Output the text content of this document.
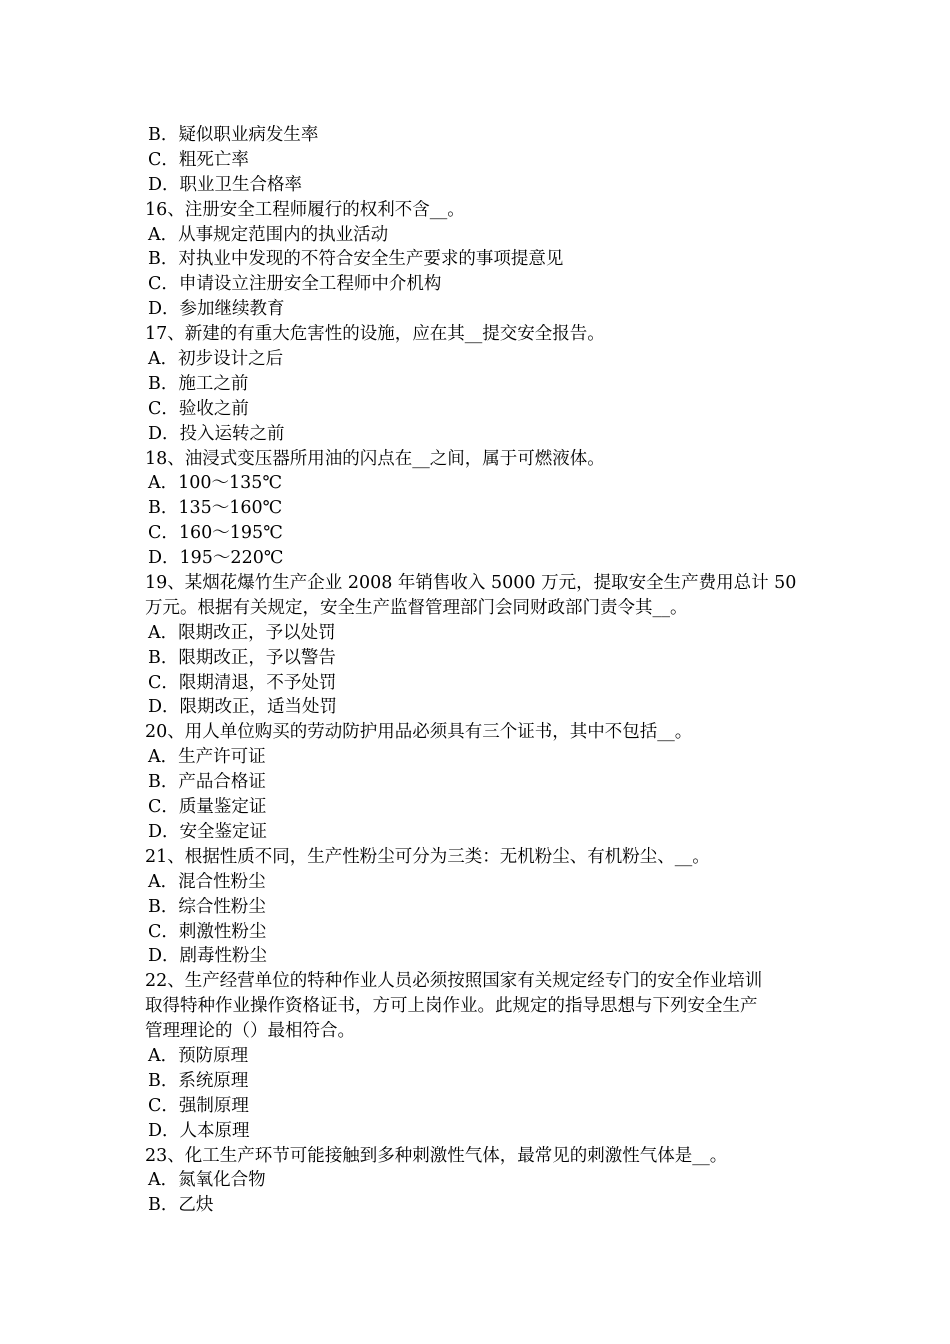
B．疑似职业病发生率
C．粗死亡率
D．职业卫生合格率
16、注册安全工程师履行的权利不含__。
A．从事规定范围内的执业活动
B．对执业中发现的不符合安全生产要求的事项提意见
C．申请设立注册安全工程师中介机构
D．参加继续教育
17、新建的有重大危害性的设施，应在其__提交安全报告。
A．初步设计之后
B．施工之前
C．验收之前
D．投入运转之前
18、油浸式变压器所用油的闪点在__之间，属于可燃液体。
A．100～135℃
B．135～160℃
C．160～195℃
D．195～220℃
19、某烟花爆竹生产企业 2008 年销售收入 5000 万元，提取安全生产费用总计 50
万元。根据有关规定，安全生产监督管理部门会同财政部门责令其__。
A．限期改正，予以处罚
B．限期改正，予以警告
C．限期清退，不予处罚
D．限期改正，适当处罚
20、用人单位购买的劳动防护用品必须具有三个证书，其中不包括__。
A．生产许可证
B．产品合格证
C．质量鉴定证
D．安全鉴定证
21、根据性质不同，生产性粉尘可分为三类：无机粉尘、有机粉尘、__。
A．混合性粉尘
B．综合性粉尘
C．刺激性粉尘
D．剧毒性粉尘
22、生产经营单位的特种作业人员必须按照国家有关规定经专门的安全作业培训
取得特种作业操作资格证书，方可上岗作业。此规定的指导思想与下列安全生产
管理理论的（）最相符合。
A．预防原理
B．系统原理
C．强制原理
D．人本原理
23、化工生产环节可能接触到多种刺激性气体，最常见的刺激性气体是__。
A．氮氧化合物
B．乙炔
